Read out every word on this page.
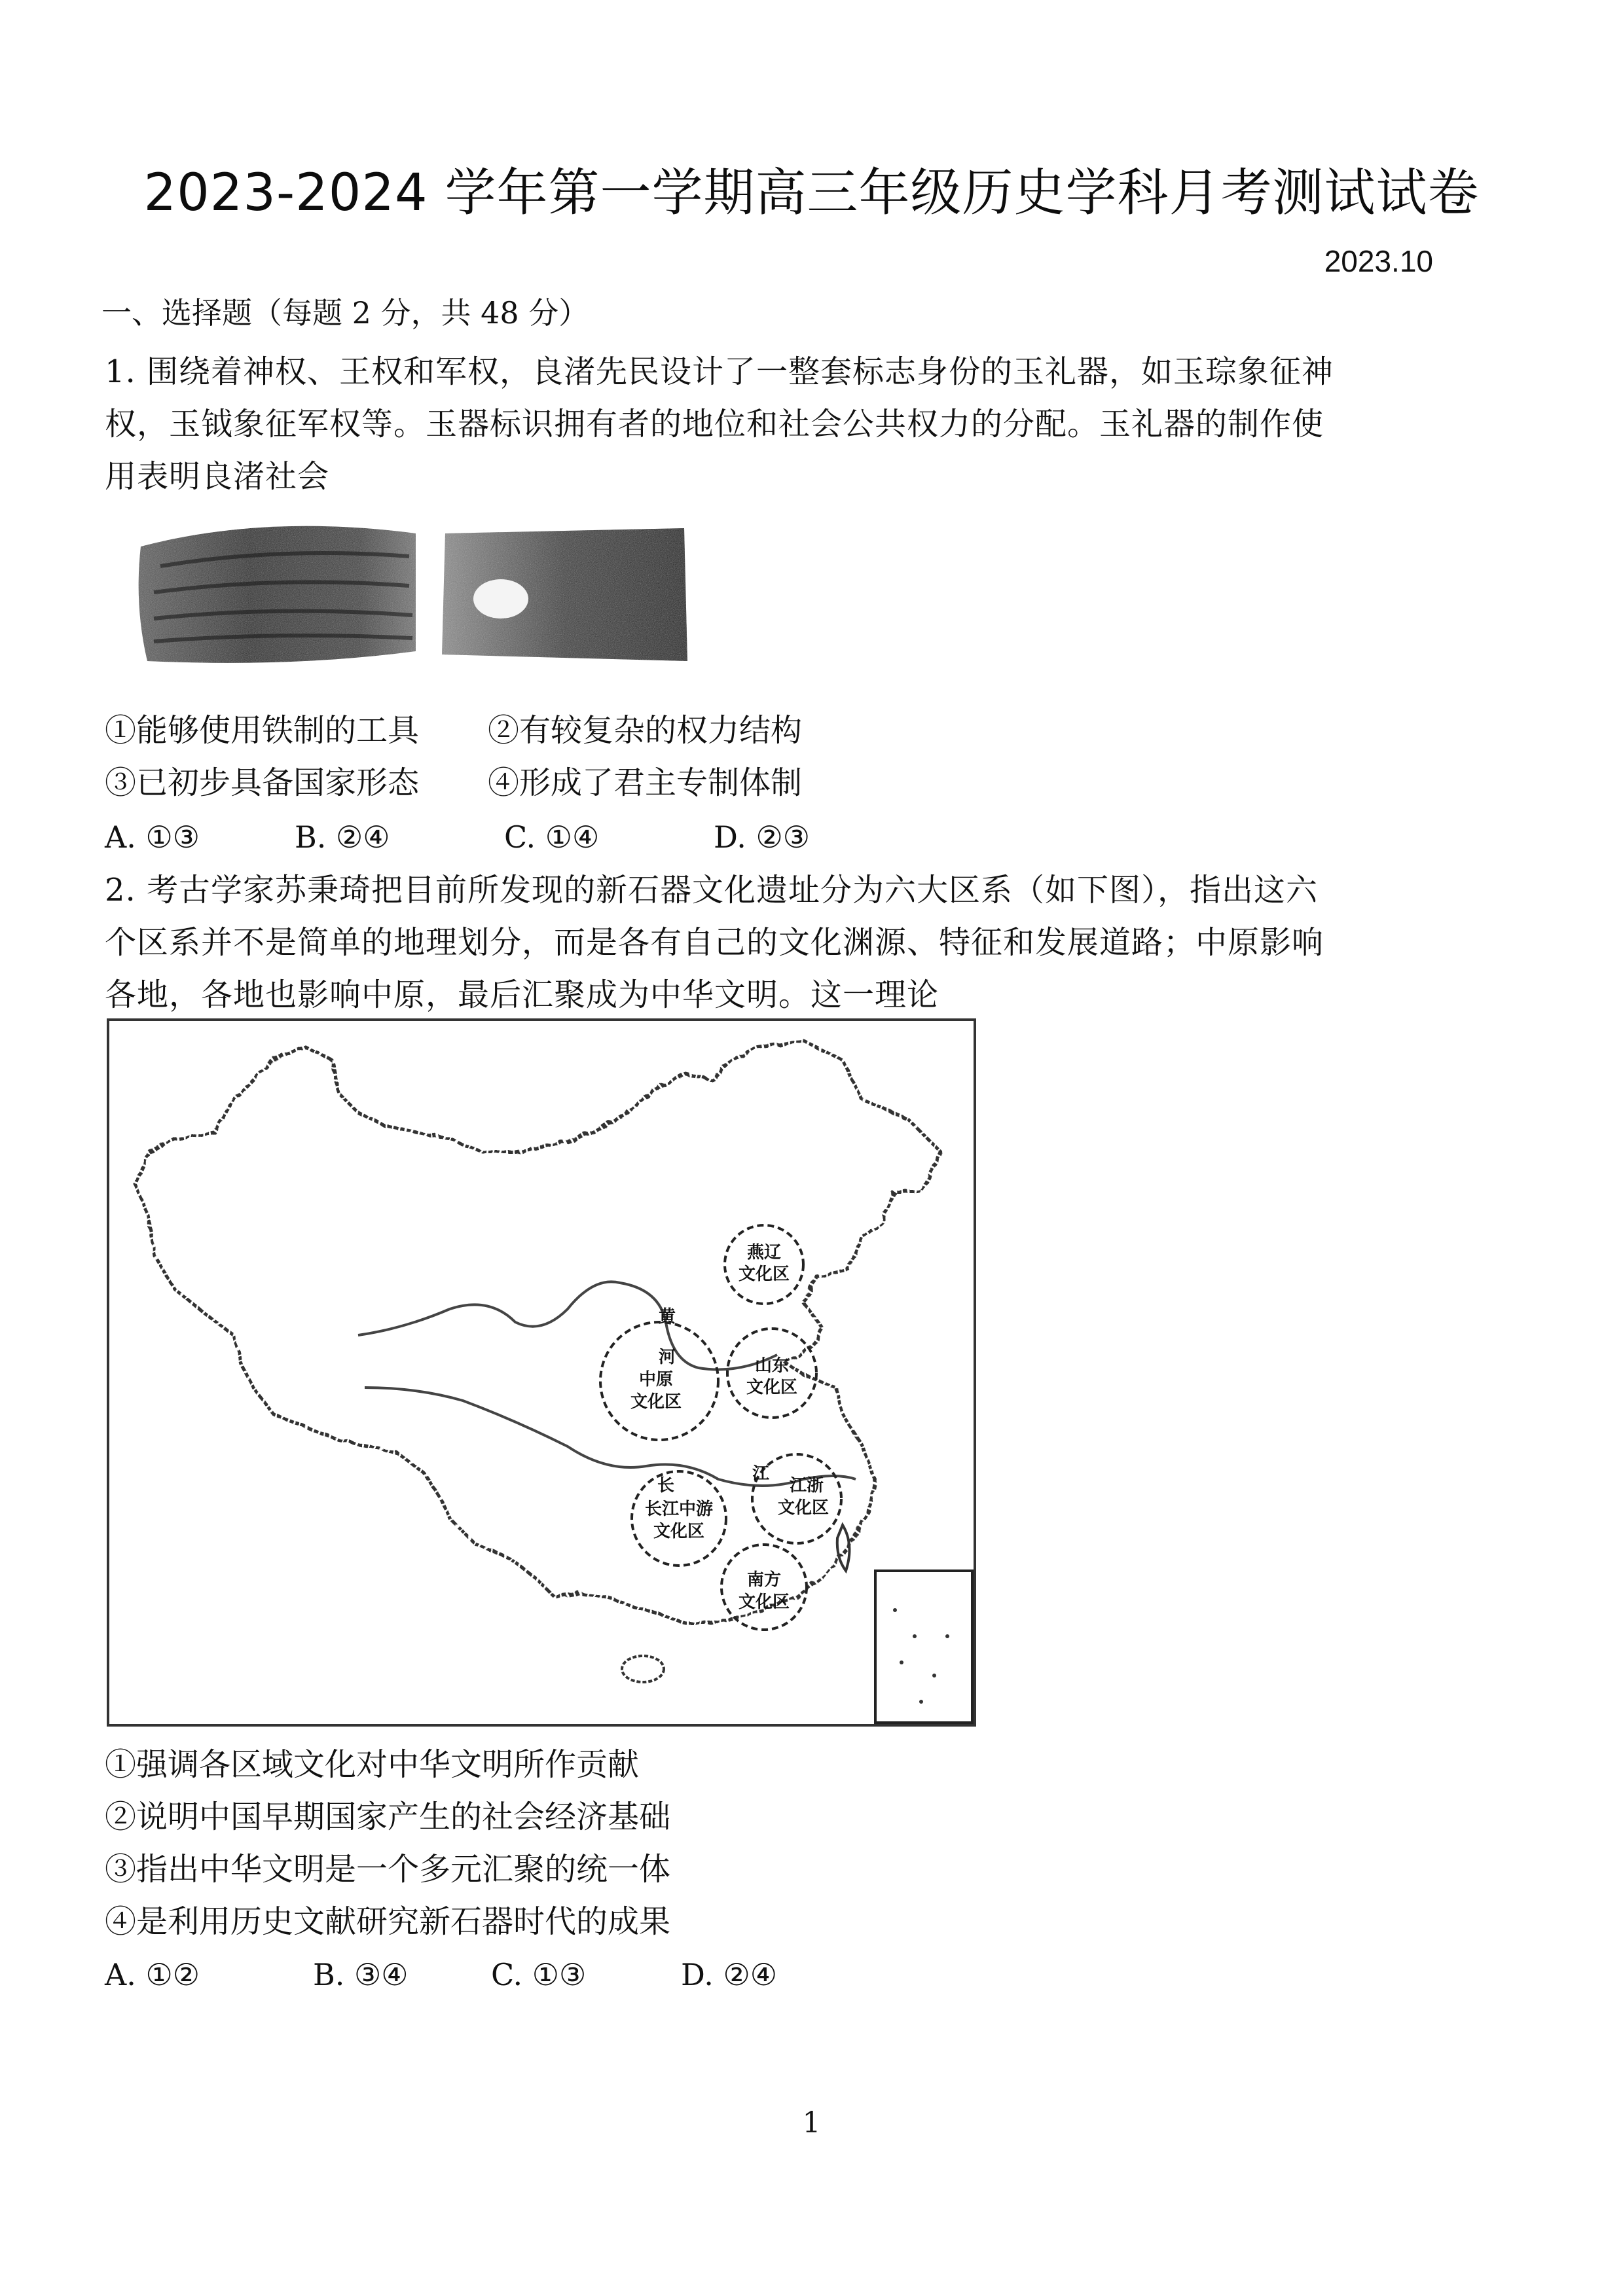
2023-2024 学年第一学期高三年级历史学科月考测试试卷
2023.10
一、选择题（每题 2 分，共 48 分）
1. 围绕着神权、王权和军权，良渚先民设计了一整套标志身份的玉礼器，如玉琮象征神
权，玉钺象征军权等。玉器标识拥有者的地位和社会公共权力的分配。玉礼器的制作使
用表明良渚社会
①能够使用铁制的工具 ②有较复杂的权力结构
③已初步具备国家形态 ④形成了君主专制体制
A. ①③	B. ②④	C. ①④	D. ②③
2. 考古学家苏秉琦把目前所发现的新石器文化遗址分为六大区系（如下图），指出这六
个区系并不是简单的地理划分，而是各有自己的文化渊源、特征和发展道路；中原影响
各地，各地也影响中原，最后汇聚成为中华文明。这一理论
燕辽
文化区
中原
文化区
山东
文化区
长江中游
文化区
江浙
文化区
南方
文化区
黄
河
长
江
①强调各区域文化对中华文明所作贡献
②说明中国早期国家产生的社会经济基础
③指出中华文明是一个多元汇聚的统一体
④是利用历史文献研究新石器时代的成果
A. ①②	B. ③④	C. ①③	D. ②④
1
